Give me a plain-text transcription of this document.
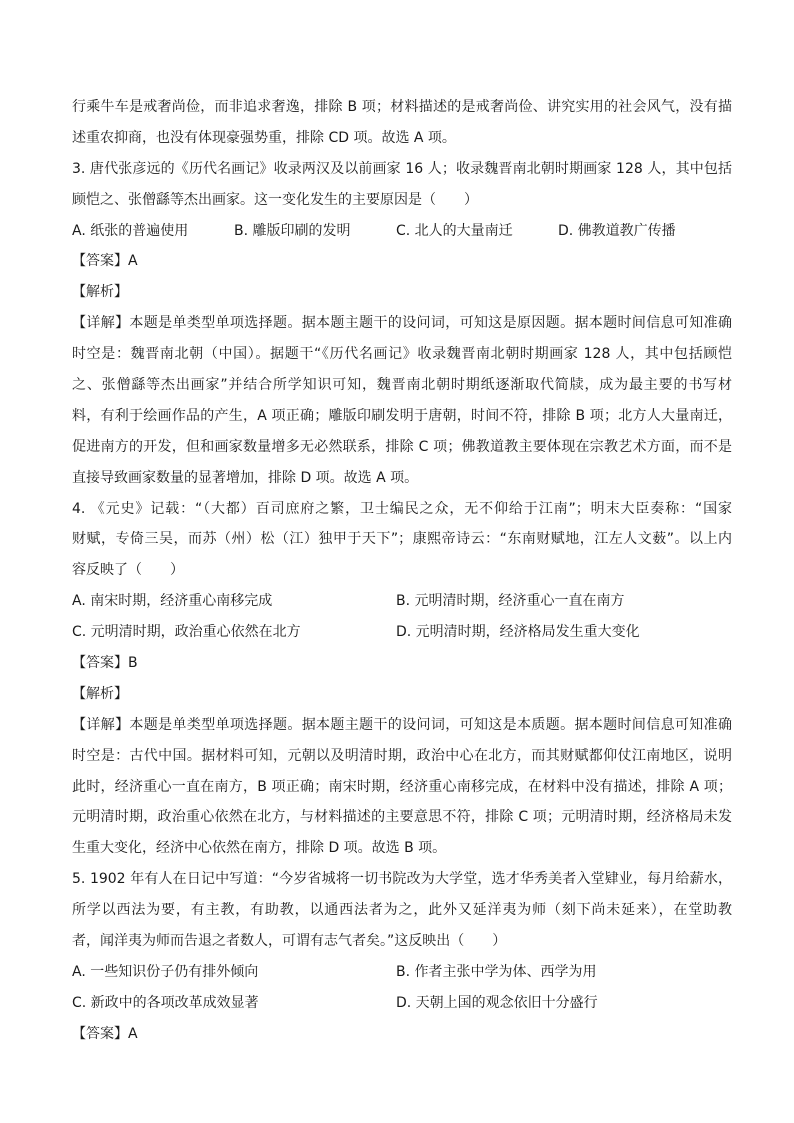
行乘牛车是戒奢尚俭，而非追求奢逸，排除 B 项；材料描述的是戒奢尚俭、讲究实用的社会风气，没有描
述重农抑商，也没有体现豪强势重，排除 CD 项。故选 A 项。
3. 唐代张彦远的《历代名画记》收录两汉及以前画家 16 人；收录魏晋南北朝时期画家 128 人，其中包括
顾恺之、张僧繇等杰出画家。这一变化发生的主要原因是（　　）
A. 纸张的普遍使用	B. 雕版印刷的发明	C. 北人的大量南迁	D. 佛教道教广传播
【答案】A
【解析】
【详解】本题是单类型单项选择题。据本题主题干的设问词，可知这是原因题。据本题时间信息可知准确
时空是：魏晋南北朝（中国）。据题干“《历代名画记》收录魏晋南北朝时期画家 128 人，其中包括顾恺
之、张僧繇等杰出画家”并结合所学知识可知，魏晋南北朝时期纸逐渐取代简牍，成为最主要的书写材
料，有利于绘画作品的产生，A 项正确；雕版印刷发明于唐朝，时间不符，排除 B 项；北方人大量南迁，
促进南方的开发，但和画家数量增多无必然联系，排除 C 项；佛教道教主要体现在宗教艺术方面，而不是
直接导致画家数量的显著增加，排除 D 项。故选 A 项。
4. 《元史》记载：“（大都）百司庶府之繁，卫士编民之众，无不仰给于江南”；明末大臣奏称：“国家
财赋，专倚三吴，而苏（州）松（江）独甲于天下”；康熙帝诗云：“东南财赋地，江左人文薮”。以上内
容反映了（　　）
A. 南宋时期，经济重心南移完成	B. 元明清时期，经济重心一直在南方
C. 元明清时期，政治重心依然在北方	D. 元明清时期，经济格局发生重大变化
【答案】B
【解析】
【详解】本题是单类型单项选择题。据本题主题干的设问词，可知这是本质题。据本题时间信息可知准确
时空是：古代中国。据材料可知，元朝以及明清时期，政治中心在北方，而其财赋都仰仗江南地区，说明
此时，经济重心一直在南方，B 项正确；南宋时期，经济重心南移完成，在材料中没有描述，排除 A 项；
元明清时期，政治重心依然在北方，与材料描述的主要意思不符，排除 C 项；元明清时期，经济格局未发
生重大变化，经济中心依然在南方，排除 D 项。故选 B 项。
5. 1902 年有人在日记中写道：“今岁省城将一切书院改为大学堂，选才华秀美者入堂肄业，每月给薪水，
所学以西法为要，有主教，有助教，以通西法者为之，此外又延洋夷为师（刻下尚未延来），在堂助教
者，闻洋夷为师而告退之者数人，可谓有志气者矣。”这反映出（　　）
A. 一些知识份子仍有排外倾向	B. 作者主张中学为体、西学为用
C. 新政中的各项改革成效显著	D. 天朝上国的观念依旧十分盛行
【答案】A
